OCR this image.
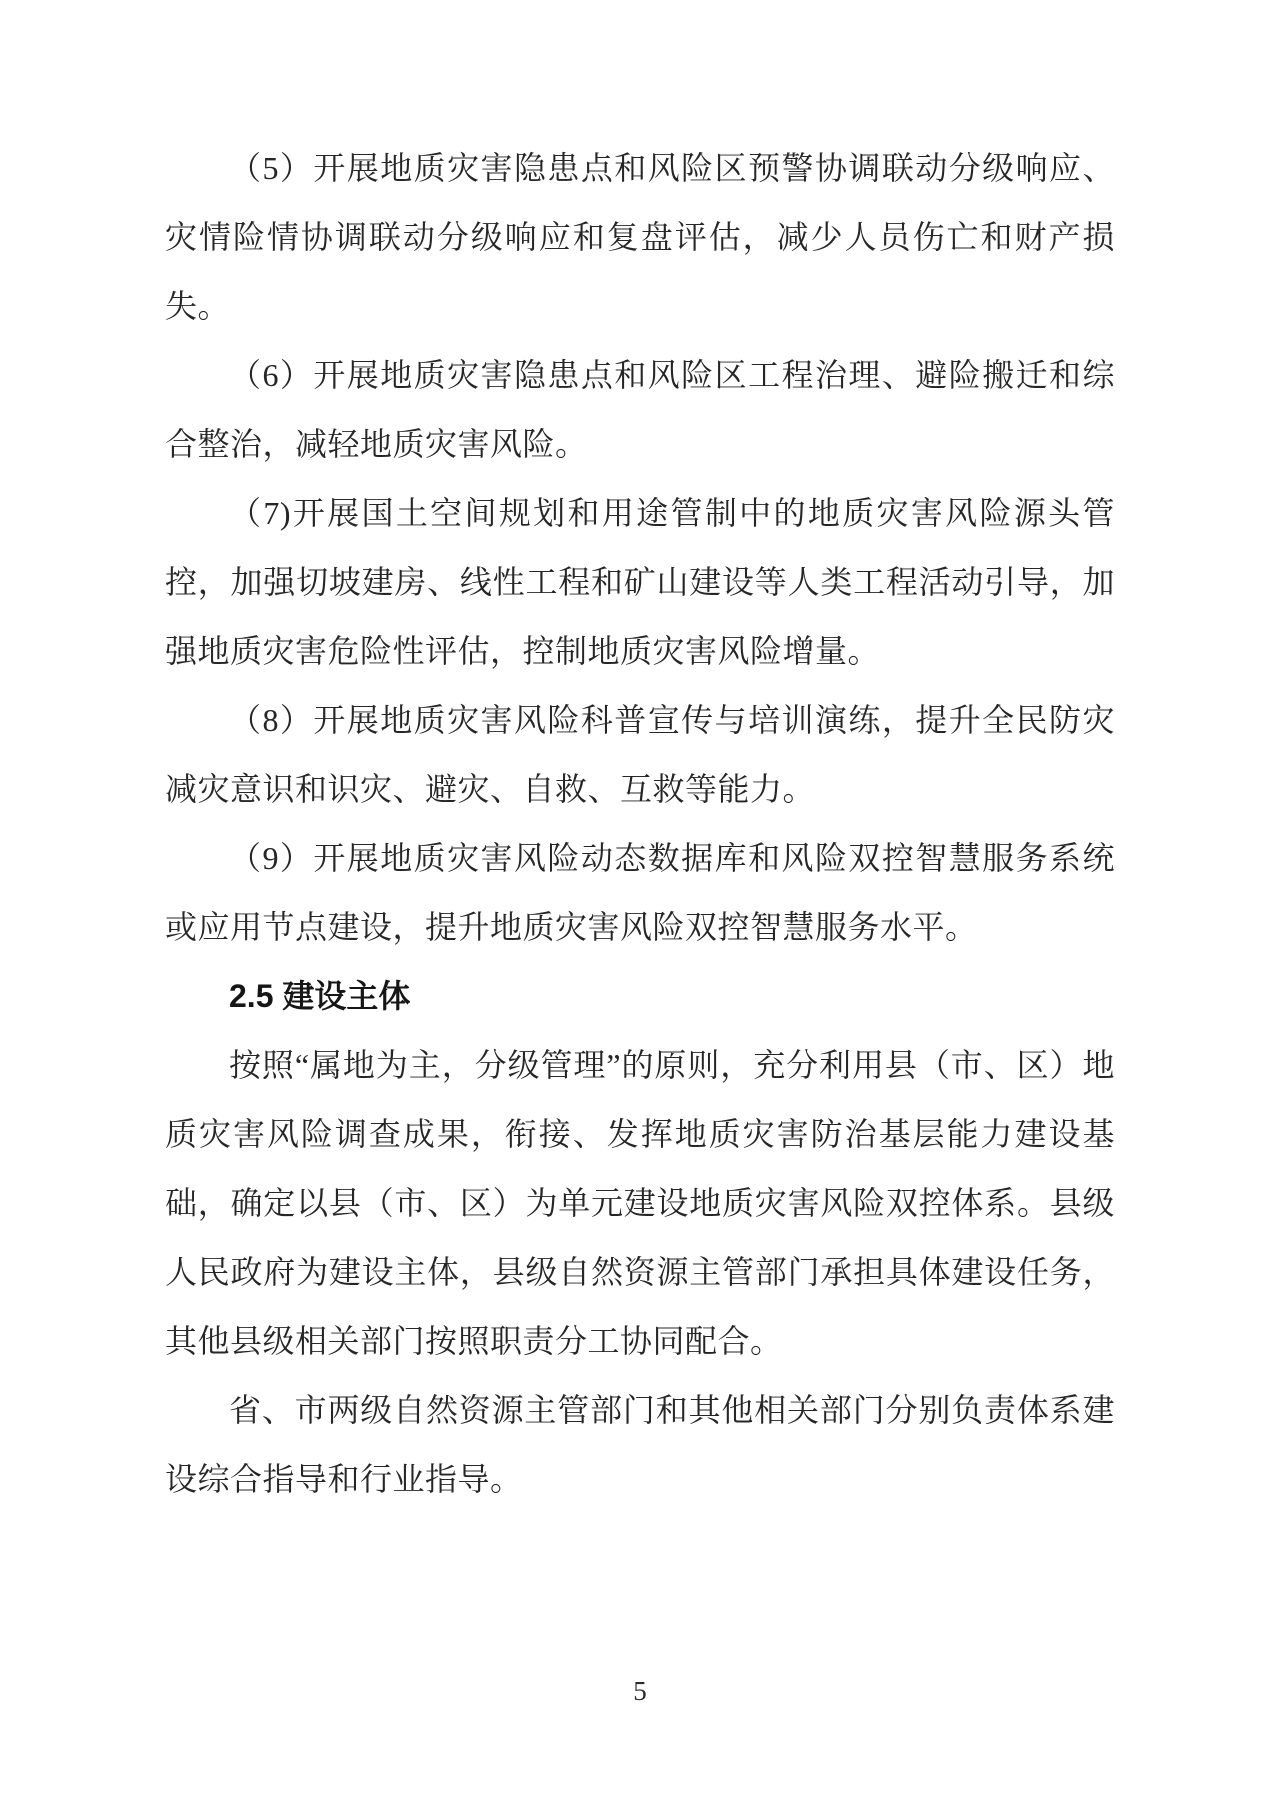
（5）开展地质灾害隐患点和风险区预警协调联动分级响应、灾情险情协调联动分级响应和复盘评估，减少人员伤亡和财产损失。

（6）开展地质灾害隐患点和风险区工程治理、避险搬迁和综合整治，减轻地质灾害风险。

（7)开展国土空间规划和用途管制中的地质灾害风险源头管控，加强切坡建房、线性工程和矿山建设等人类工程活动引导，加强地质灾害危险性评估，控制地质灾害风险增量。

（8）开展地质灾害风险科普宣传与培训演练，提升全民防灾减灾意识和识灾、避灾、自救、互救等能力。

（9）开展地质灾害风险动态数据库和风险双控智慧服务系统或应用节点建设，提升地质灾害风险双控智慧服务水平。

2.5 建设主体

按照“属地为主，分级管理”的原则，充分利用县（市、区）地质灾害风险调查成果，衔接、发挥地质灾害防治基层能力建设基础，确定以县（市、区）为单元建设地质灾害风险双控体系。县级人民政府为建设主体，县级自然资源主管部门承担具体建设任务，其他县级相关部门按照职责分工协同配合。

省、市两级自然资源主管部门和其他相关部门分别负责体系建设综合指导和行业指导。

5
